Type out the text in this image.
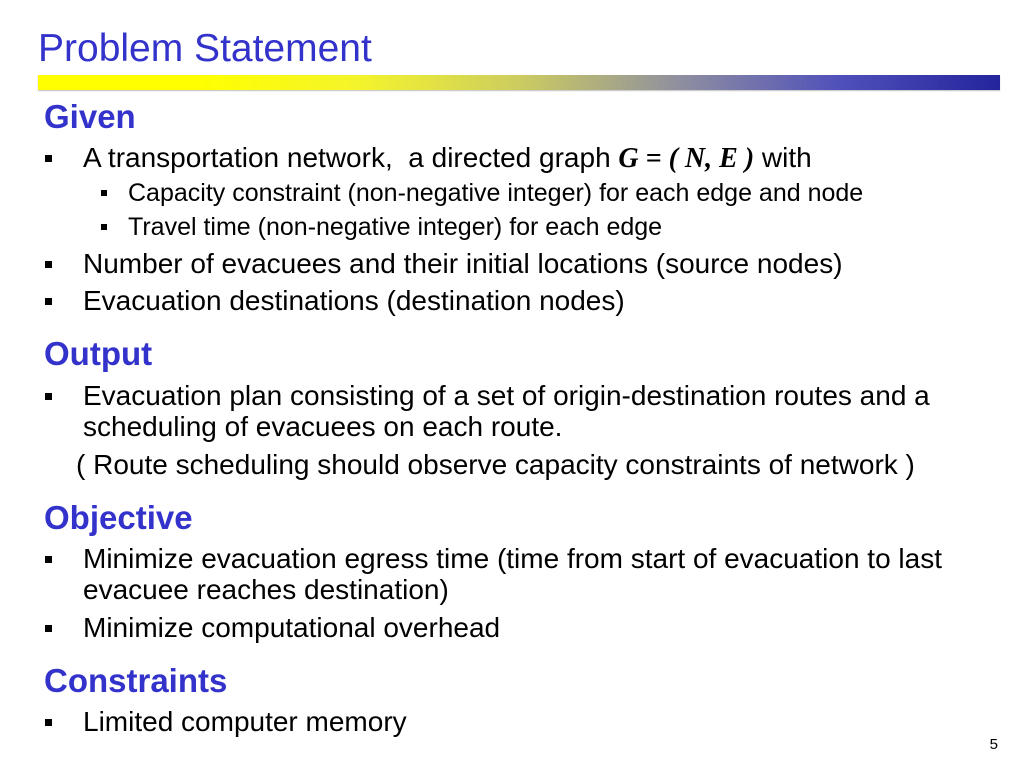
Problem Statement
Given
A transportation network,  a directed graph G = ( N, E ) with
Capacity constraint (non-negative integer) for each edge and node
Travel time (non-negative integer) for each edge
Number of evacuees and their initial locations (source nodes)
Evacuation destinations (destination nodes)
Output
Evacuation plan consisting of a set of origin-destination routes and a
scheduling of evacuees on each route.
( Route scheduling should observe capacity constraints of network )
Objective
Minimize evacuation egress time (time from start of evacuation to last
evacuee reaches destination)
Minimize computational overhead
Constraints
Limited computer memory
5
